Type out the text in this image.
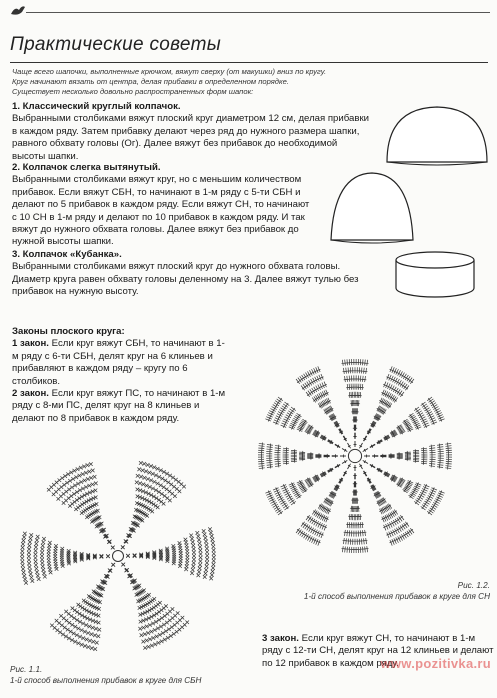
Практические советы
Чаще всего шапочки, выполненные крючком, вяжут сверху (от макушки) вниз по кругу.
Круг начинают вязать от центра, делая прибавки в определенном порядке.
Существует несколько довольно распространенных форм шапок:
1. Классический круглый колпачок.
Выбранными столбиками вяжут плоский круг диаметром 12 см, делая прибавки в каждом ряду. Затем прибавку делают через ряд до нужного размера шапки, равного обхвату головы (Ог). Далее вяжут без прибавок до необходимой высоты шапки.
2. Колпачок слегка вытянутый.
Выбранными столбиками вяжут круг, но с меньшим количеством прибавок. Если вяжут СБН, то начинают в 1-м ряду с 5-ти СБН и делают по 5 прибавок в каждом ряду. Если вяжут СН, то начинают с 10 СН в 1-м ряду и делают по 10 прибавок в каждом ряду. И так вяжут до нужного обхвата головы. Далее вяжут без прибавок до нужной высоты шапки.
3. Колпачок «Кубанка».
Выбранными столбиками вяжут плоский круг до нужного обхвата головы. Диаметр круга равен обхвату головы деленному на 3. Далее вяжут тулью без прибавок на нужную высоту.
Законы плоского круга:
1 закон. Если круг вяжут СБН, то начинают в 1-м ряду с 6-ти СБН, делят круг на 6 клиньев и прибавляют в каждом ряду – кругу по 6 столбиков.
2 закон. Если круг вяжут ПС, то начинают в 1-м ряду с 8-ми ПС, делят круг на 8 клиньев и делают по 8 прибавок в каждом ряду.
Рис. 1.2.
1-й способ выполнения прибавок в круге для СН
3 закон. Если круг вяжут СН, то начинают в 1-м ряду с 12-ти СН, делят круг на 12 клиньев и делают по 12 прибавок в каждом ряду.
Рис. 1.1.
1-й способ выполнения прибавок в круге для СБН
www.pozitivka.ru
